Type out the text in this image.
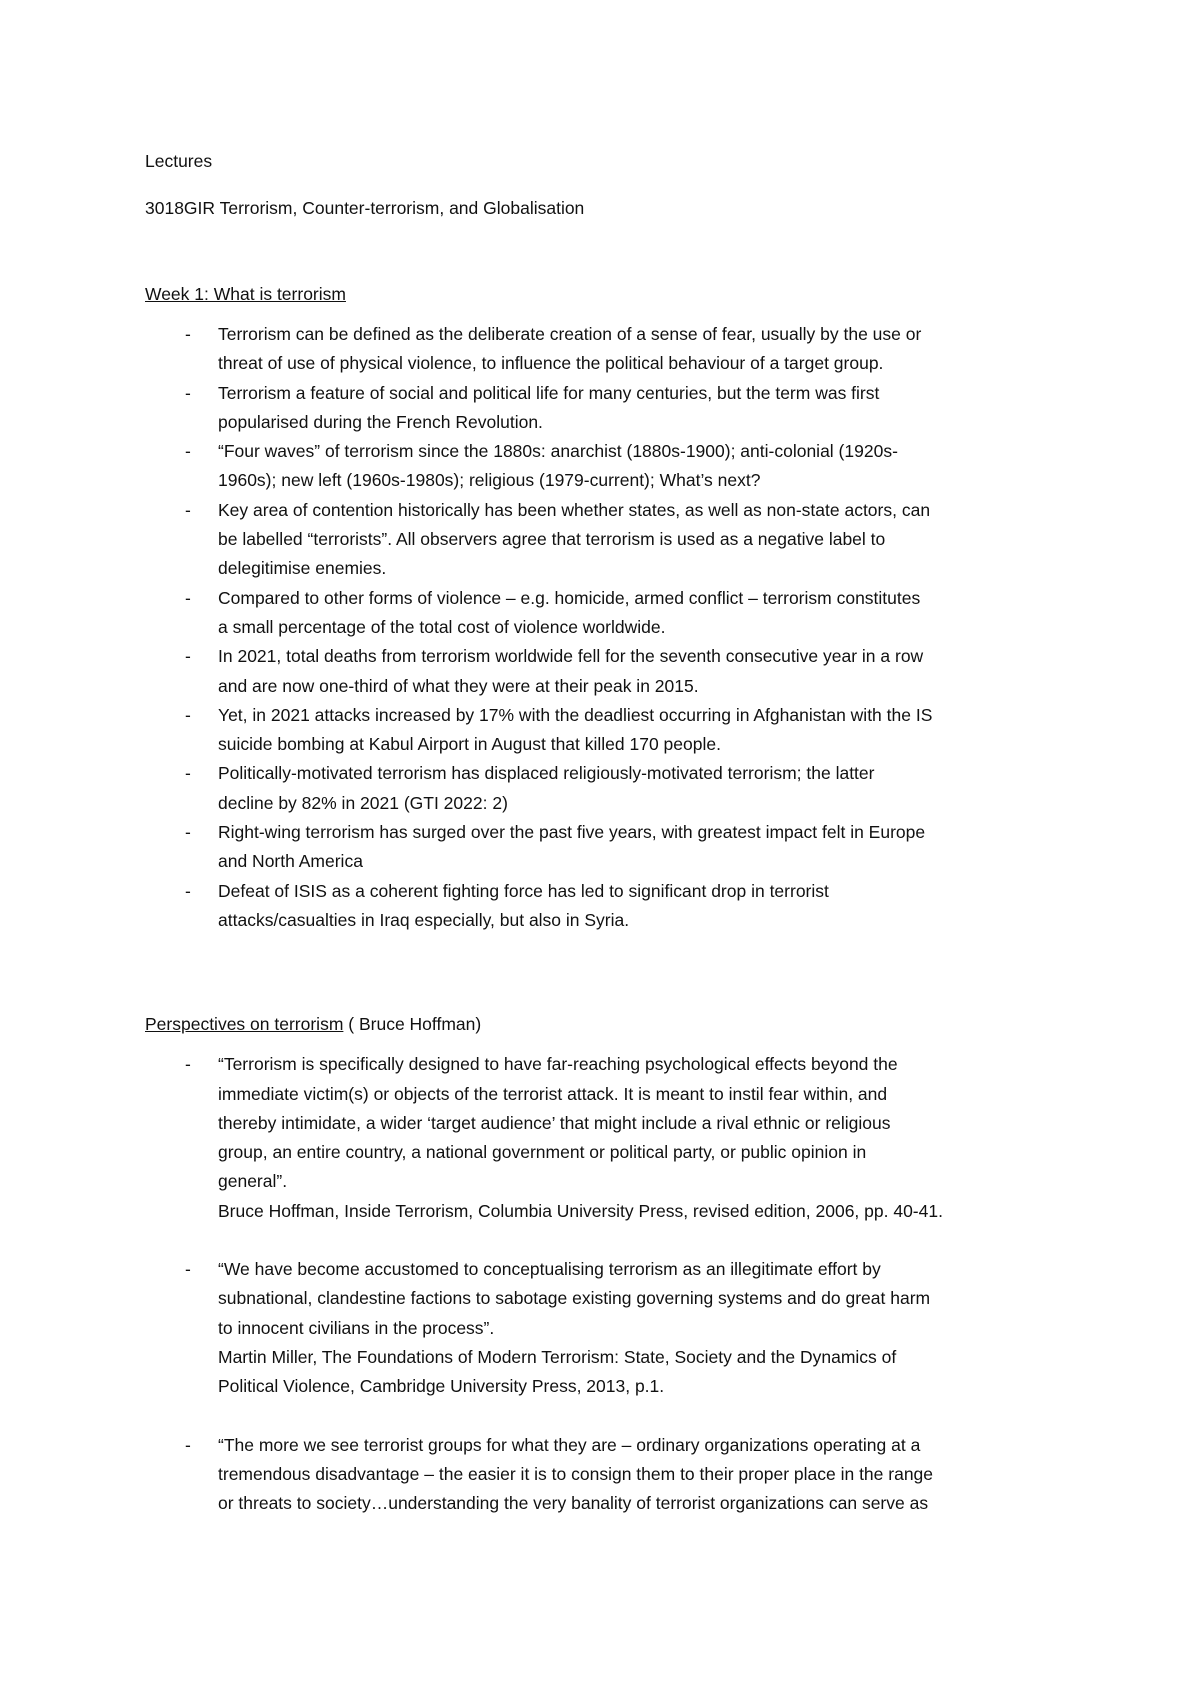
Lectures
3018GIR Terrorism, Counter-terrorism, and Globalisation
Week 1: What is terrorism
- Terrorism can be defined as the deliberate creation of a sense of fear, usually by the use or
threat of use of physical violence, to influence the political behaviour of a target group.
- Terrorism a feature of social and political life for many centuries, but the term was first
popularised during the French Revolution.
- “Four waves” of terrorism since the 1880s: anarchist (1880s-1900); anti-colonial (1920s-
1960s); new left (1960s-1980s); religious (1979-current); What’s next?
- Key area of contention historically has been whether states, as well as non-state actors, can
be labelled “terrorists”. All observers agree that terrorism is used as a negative label to
delegitimise enemies.
- Compared to other forms of violence – e.g. homicide, armed conflict – terrorism constitutes
a small percentage of the total cost of violence worldwide.
- In 2021, total deaths from terrorism worldwide fell for the seventh consecutive year in a row
and are now one-third of what they were at their peak in 2015.
- Yet, in 2021 attacks increased by 17% with the deadliest occurring in Afghanistan with the IS
suicide bombing at Kabul Airport in August that killed 170 people.
- Politically-motivated terrorism has displaced religiously-motivated terrorism; the latter
decline by 82% in 2021 (GTI 2022: 2)
- Right-wing terrorism has surged over the past five years, with greatest impact felt in Europe
and North America
- Defeat of ISIS as a coherent fighting force has led to significant drop in terrorist
attacks/casualties in Iraq especially, but also in Syria.
Perspectives on terrorism ( Bruce Hoffman)
- “Terrorism is specifically designed to have far-reaching psychological effects beyond the
immediate victim(s) or objects of the terrorist attack. It is meant to instil fear within, and
thereby intimidate, a wider ‘target audience’ that might include a rival ethnic or religious
group, an entire country, a national government or political party, or public opinion in
general”.
Bruce Hoffman, Inside Terrorism, Columbia University Press, revised edition, 2006, pp. 40-41.
- “We have become accustomed to conceptualising terrorism as an illegitimate effort by
subnational, clandestine factions to sabotage existing governing systems and do great harm
to innocent civilians in the process”.
Martin Miller, The Foundations of Modern Terrorism: State, Society and the Dynamics of
Political Violence, Cambridge University Press, 2013, p.1.
- “The more we see terrorist groups for what they are – ordinary organizations operating at a
tremendous disadvantage – the easier it is to consign them to their proper place in the range
or threats to society…understanding the very banality of terrorist organizations can serve as
